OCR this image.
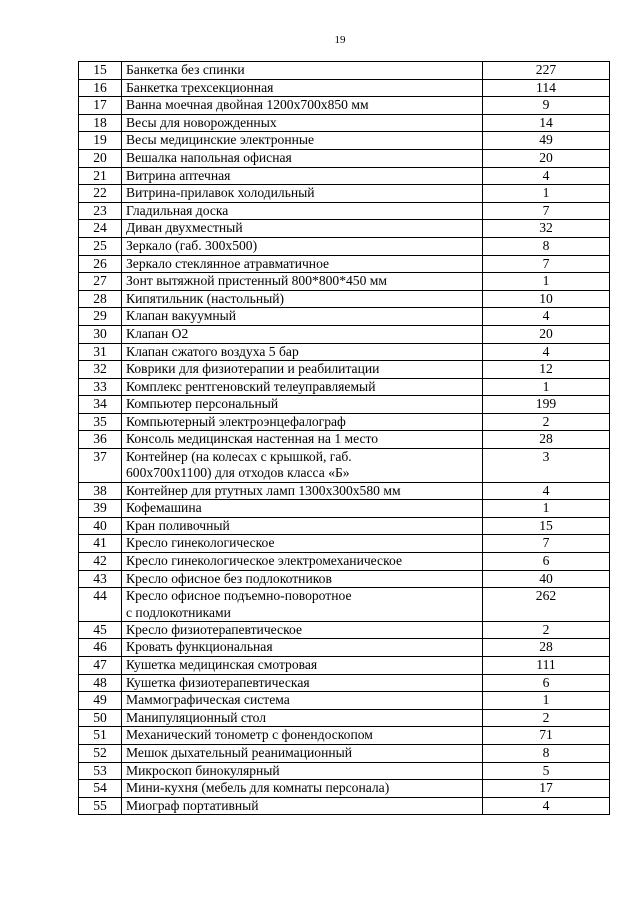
19
15	Банкетка без спинки	227
16	Банкетка трехсекционная	114
17	Ванна моечная двойная 1200x700x850 мм	9
18	Весы для новорожденных	14
19	Весы медицинские электронные	49
20	Вешалка напольная офисная	20
21	Витрина аптечная	4
22	Витрина-прилавок холодильный	1
23	Гладильная доска	7
24	Диван двухместный	32
25	Зеркало (габ. 300x500)	8
26	Зеркало стеклянное атравматичное	7
27	Зонт вытяжной пристенный 800*800*450 мм	1
28	Кипятильник (настольный)	10
29	Клапан вакуумный	4
30	Клапан О2	20
31	Клапан сжатого воздуха 5 бар	4
32	Коврики для физиотерапии и реабилитации	12
33	Комплекс рентгеновский телеуправляемый	1
34	Компьютер персональный	199
35	Компьютерный электроэнцефалограф	2
36	Консоль медицинская настенная на 1 место	28
37	Контейнер (на колесах с крышкой, габ.
600x700x1100) для отходов класса «Б»	3
38	Контейнер для ртутных ламп 1300x300x580 мм	4
39	Кофемашина	1
40	Кран поливочный	15
41	Кресло гинекологическое	7
42	Кресло гинекологическое электромеханическое	6
43	Кресло офисное без подлокотников	40
44	Кресло офисное подъемно-поворотное
с подлокотниками	262
45	Кресло физиотерапевтическое	2
46	Кровать функциональная	28
47	Кушетка медицинская смотровая	111
48	Кушетка физиотерапевтическая	6
49	Маммографическая система	1
50	Манипуляционный стол	2
51	Механический тонометр с фонендоскопом	71
52	Мешок дыхательный реанимационный	8
53	Микроскоп бинокулярный	5
54	Мини-кухня (мебель для комнаты персонала)	17
55	Миограф портативный	4
